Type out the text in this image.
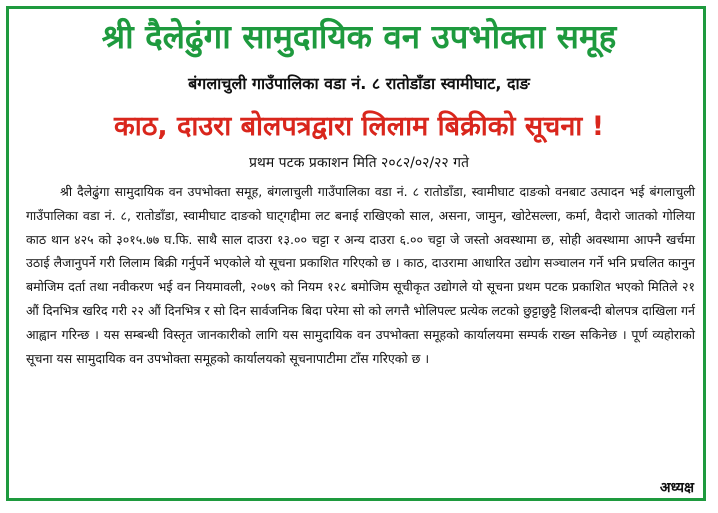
श्री दैलेढुंगा सामुदायिक वन उपभोक्ता समूह
बंगलाचुली गाउँपालिका वडा नं. ८ रातोडाँडा स्वामीघाट, दाङ
काठ, दाउरा बोलपत्रद्वारा लिलाम बिक्रीको सूचना !
प्रथम पटक प्रकाशन मिति २०८२/०२/२२ गते

श्री दैलेढुंगा सामुदायिक वन उपभोक्ता समूह, बंगलाचुली गाउँपालिका वडा नं. ८ रातोडाँडा, स्वामीघाट दाङको वनबाट उत्पादन भई बंगलाचुली गाउँपालिका वडा नं. ८, रातोडाँडा, स्वामीघाट दाङको घाट्गद्दीमा लट बनाई राखिएको साल, असना, जामुन, खोटेसल्ला, कर्मा, वैदारो जातको गोलिया काठ थान ४२५ को ३०१५.७७ घ.फि. साथै साल दाउरा १३.०० चट्टा र अन्य दाउरा ६.०० चट्टा जे जस्तो अवस्थामा छ, सोही अवस्थामा आफ्नै खर्चमा उठाई लैजानुपर्ने गरी लिलाम बिक्री गर्नुपर्ने भएकोले यो सूचना प्रकाशित गरिएको छ । काठ, दाउरामा आधारित उद्योग सञ्चालन गर्ने भनि प्रचलित कानुन बमोजिम दर्ता तथा नवीकरण भई वन नियमावली, २०७९ को नियम १२८ बमोजिम सूचीकृत उद्योगले यो सूचना प्रथम पटक प्रकाशित भएको मितिले २१ औं दिनभित्र खरिद गरी २२ औं दिनभित्र र सो दिन सार्वजनिक बिदा परेमा सो को लगत्तै भोलिपल्ट प्रत्येक लटको छुट्टाछुट्टै शिलबन्दी बोलपत्र दाखिला गर्न आह्वान गरिन्छ । यस सम्बन्धी विस्तृत जानकारीको लागि यस सामुदायिक वन उपभोक्ता समूहको कार्यालयमा सम्पर्क राख्न सकिनेछ । पूर्ण व्यहोराको सूचना यस सामुदायिक वन उपभोक्ता समूहको कार्यालयको सूचनापाटीमा टाँस गरिएको छ ।

अध्यक्ष
